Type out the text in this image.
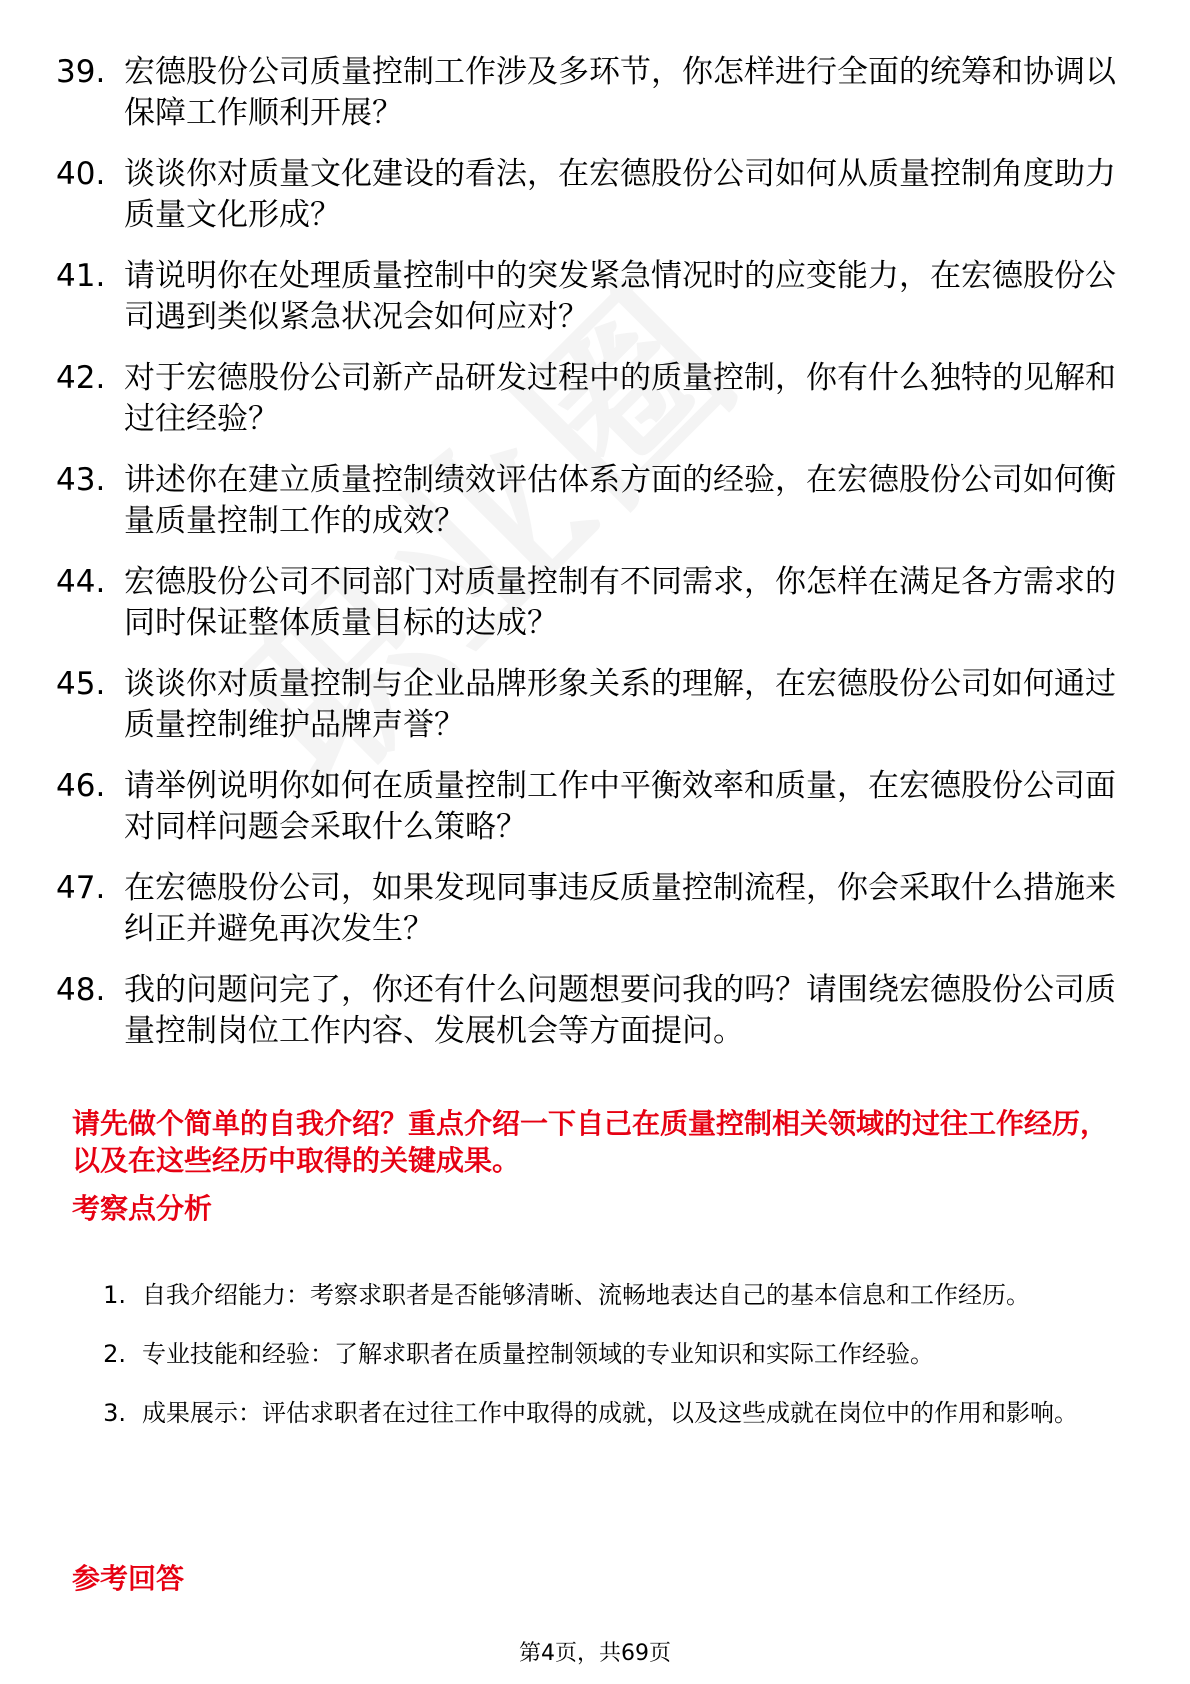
39. 宏德股份公司质量控制工作涉及多环节，你怎样进行全面的统筹和协调以保障工作顺利开展？
40. 谈谈你对质量文化建设的看法，在宏德股份公司如何从质量控制角度助力质量文化形成？
41. 请说明你在处理质量控制中的突发紧急情况时的应变能力，在宏德股份公司遇到类似紧急状况会如何应对？
42. 对于宏德股份公司新产品研发过程中的质量控制，你有什么独特的见解和过往经验？
43. 讲述你在建立质量控制绩效评估体系方面的经验，在宏德股份公司如何衡量质量控制工作的成效？
44. 宏德股份公司不同部门对质量控制有不同需求，你怎样在满足各方需求的同时保证整体质量目标的达成？
45. 谈谈你对质量控制与企业品牌形象关系的理解，在宏德股份公司如何通过质量控制维护品牌声誉？
46. 请举例说明你如何在质量控制工作中平衡效率和质量，在宏德股份公司面对同样问题会采取什么策略？
47. 在宏德股份公司，如果发现同事违反质量控制流程，你会采取什么措施来纠正并避免再次发生？
48. 我的问题问完了，你还有什么问题想要问我的吗？请围绕宏德股份公司质量控制岗位工作内容、发展机会等方面提问。
请先做个简单的自我介绍？重点介绍一下自己在质量控制相关领域的过往工作经历，以及在这些经历中取得的关键成果。
考察点分析
1. 自我介绍能力：考察求职者是否能够清晰、流畅地表达自己的基本信息和工作经历。
2. 专业技能和经验：了解求职者在质量控制领域的专业知识和实际工作经验。
3. 成果展示：评估求职者在过往工作中取得的成就，以及这些成就在岗位中的作用和影响。
参考回答
第4页，共69页
